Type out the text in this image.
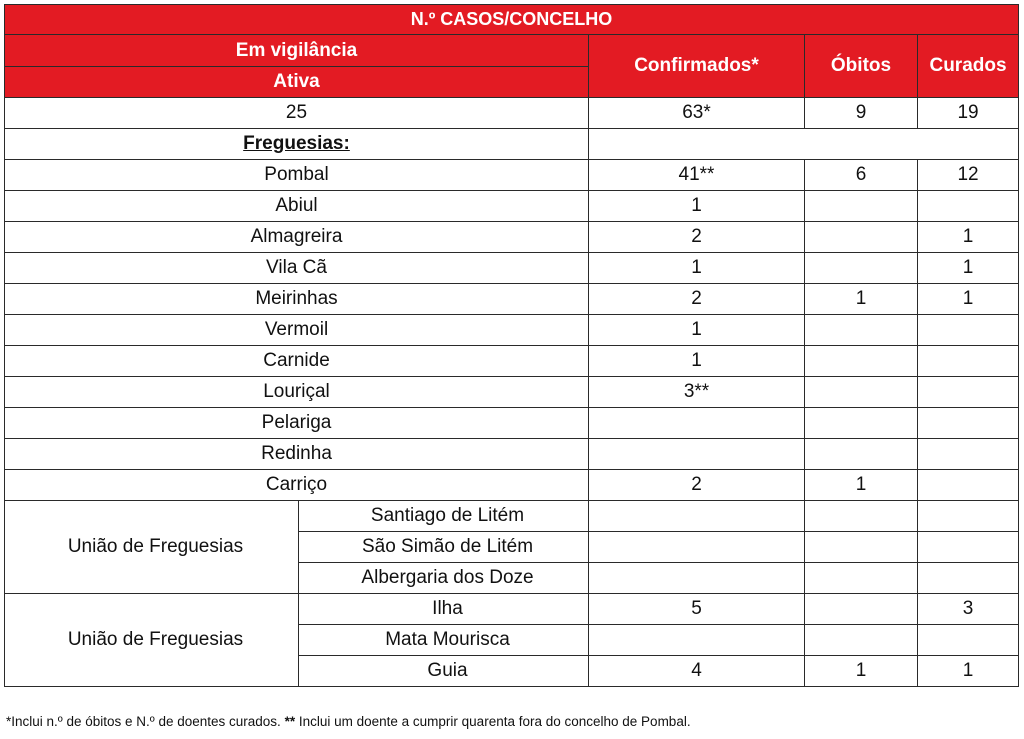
N.º CASOS/CONCELHO				
Em vigilância		Confirmados*	Óbitos	Curados
Ativa				
25		63*	9	19
Freguesias:				
Pombal		41**	6	12
Abiul		1		
Almagreira		2		1
Vila Cã		1		1
Meirinhas		2	1	1
Vermoil		1		
Carnide		1		
Louriçal		3**		
Pelariga				
Redinha				
Carriço		2	1	
União de Freguesias	Santiago de Litém			
	São Simão de Litém			
	Albergaria dos Doze			
União de Freguesias	Ilha	5		3
	Mata Mourisca			
	Guia	4	1	1
*Inclui n.º de óbitos e N.º de doentes curados. ** Inclui um doente a cumprir quarenta fora do concelho de Pombal.
